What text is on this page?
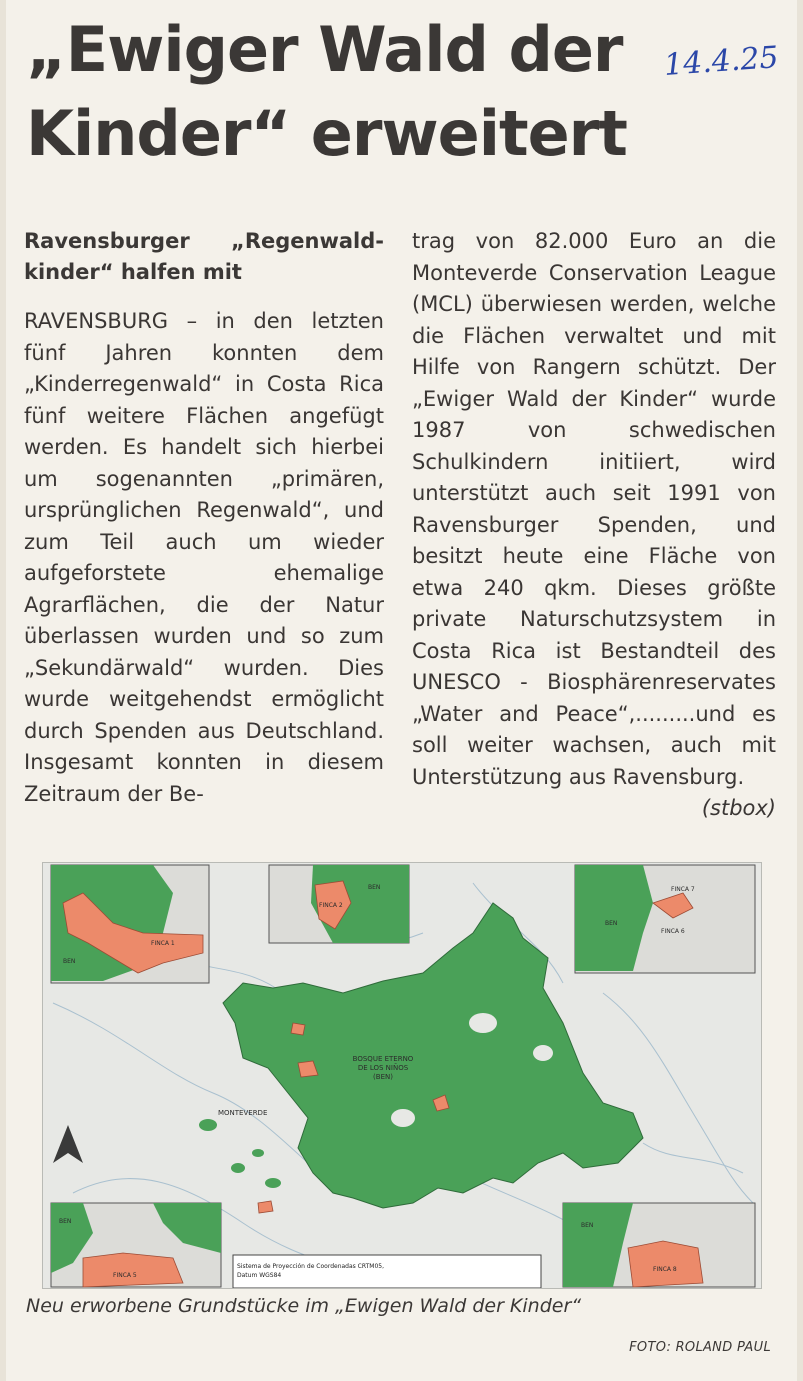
„Ewiger Wald der
Kinder“ erweitert
14.4.25
Ravensburger „Regenwald-
kinder“ halfen mit

RAVENSBURG – in den letzten fünf Jahren konnten dem „Kinderregenwald“ in Costa Rica fünf weitere Flächen angefügt werden. Es handelt sich hierbei um sogenannten „primären, ursprünglichen Regenwald“, und zum Teil auch um wieder aufgeforstete ehemalige Agrarflächen, die der Natur überlassen wurden und so zum „Sekundärwald“ wurden. Dies wurde weitgehendst ermöglicht durch Spenden aus Deutschland. Insgesamt konnten in diesem Zeitraum der Be-

trag von 82.000 Euro an die Monteverde Conservation League (MCL) überwiesen werden, welche die Flächen verwaltet und mit Hilfe von Rangern schützt. Der „Ewiger Wald der Kinder“ wurde 1987 von schwedischen Schulkindern initiiert, wird unterstützt auch seit 1991 von Ravensburger Spenden, und besitzt heute eine Fläche von etwa 240 qkm. Dieses größte private Naturschutzsystem in Costa Rica ist Bestandteil des UNESCO - Biosphärenreservates „Water and Peace“,.........und es soll weiter wachsen, auch mit Unterstützung aus Ravensburg.
(stbox)

BOSQUE ETERNO
DE LOS NIÑOS
(BEN)
MONTEVERDE
FINCA 1
BEN
FINCA 2
BEN	FINCA 7
FINCA 6
BEN
FINCA 5
BEN
Sistema de Proyección de Coordenadas CRTM05,
Datum WGS84
FINCA 8
BEN
Neu erworbene Grundstücke im „Ewigen Wald der Kinder“
FOTO: ROLAND PAUL
